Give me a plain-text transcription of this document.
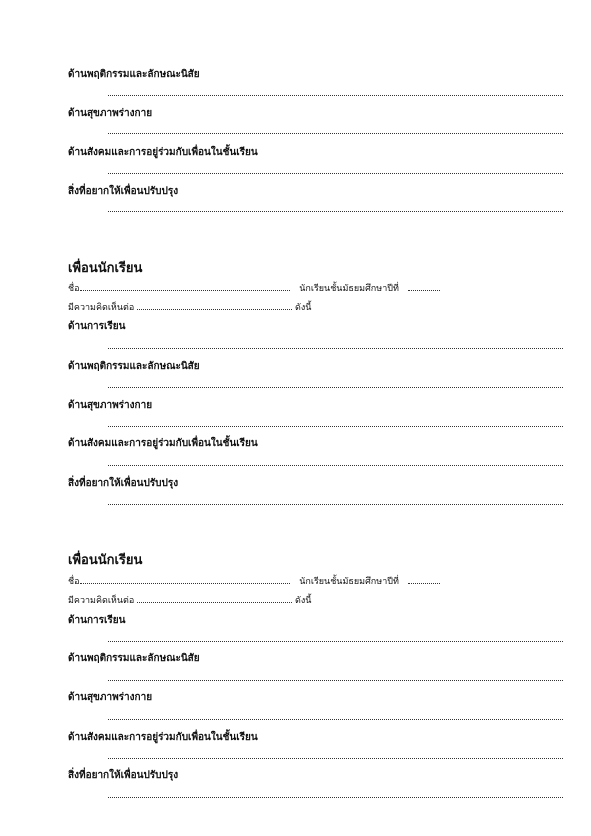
ด้านพฤติกรรมและลักษณะนิสัย
ด้านสุขภาพร่างกาย
ด้านสังคมและการอยู่ร่วมกับเพื่อนในชั้นเรียน
สิ่งที่อยากให้เพื่อนปรับปรุง
เพื่อนนักเรียน
ชื่อ	นักเรียนชั้นมัธยมศึกษาปีที่
มีความคิดเห็นต่อ	ดังนี้
ด้านการเรียน
ด้านพฤติกรรมและลักษณะนิสัย
ด้านสุขภาพร่างกาย
ด้านสังคมและการอยู่ร่วมกับเพื่อนในชั้นเรียน
สิ่งที่อยากให้เพื่อนปรับปรุง
เพื่อนนักเรียน
ชื่อ	นักเรียนชั้นมัธยมศึกษาปีที่
มีความคิดเห็นต่อ	ดังนี้
ด้านการเรียน
ด้านพฤติกรรมและลักษณะนิสัย
ด้านสุขภาพร่างกาย
ด้านสังคมและการอยู่ร่วมกับเพื่อนในชั้นเรียน
สิ่งที่อยากให้เพื่อนปรับปรุง
